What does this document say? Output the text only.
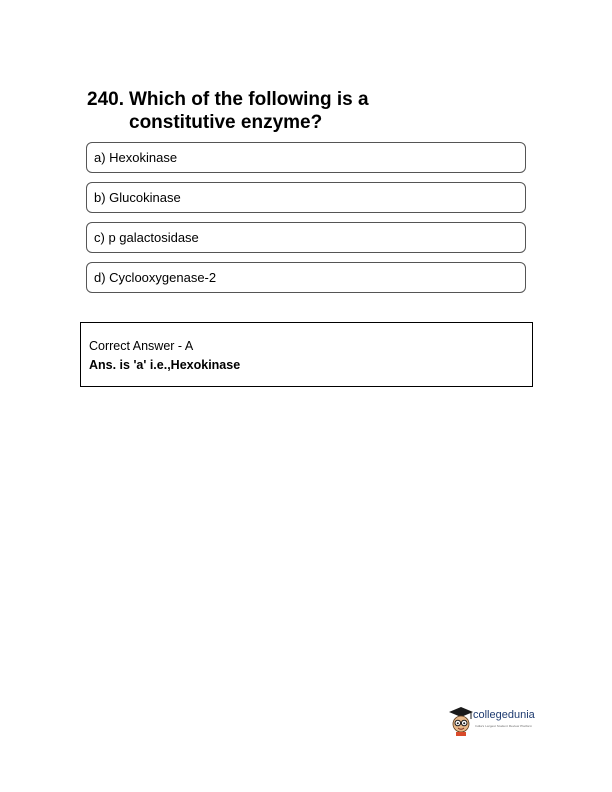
240. Which of the following is a constitutive enzyme?
a) Hexokinase
b) Glucokinase
c) p galactosidase
d) Cyclooxygenase-2
Correct Answer - A
Ans. is 'a' i.e.,Hexokinase
collegedunia
India's Largest Student Review Platform
